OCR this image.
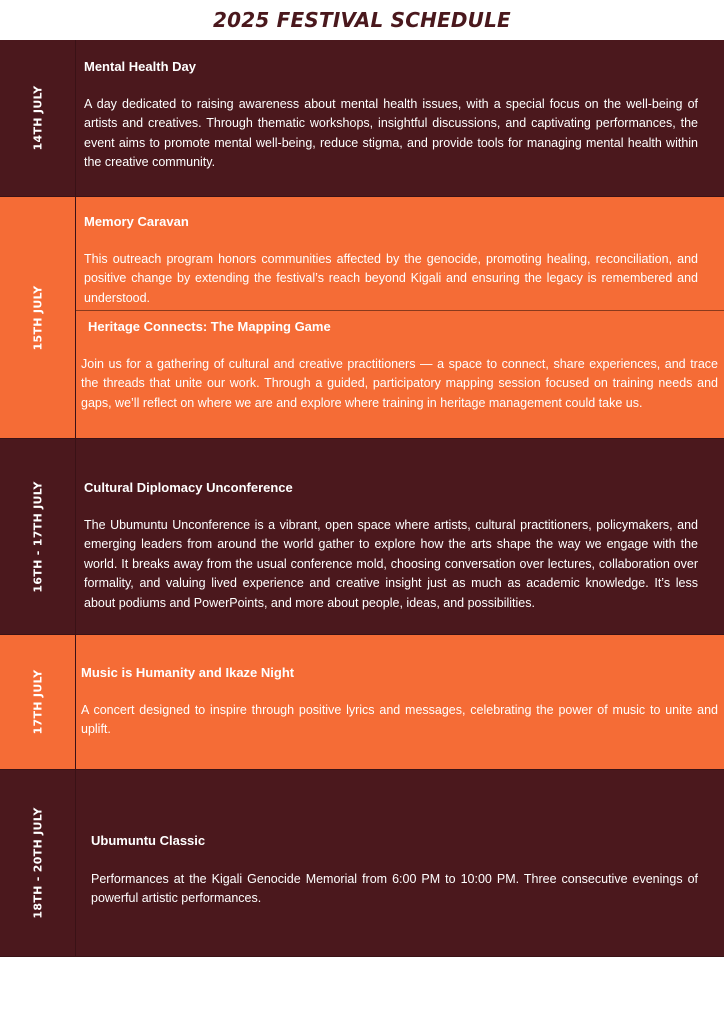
2025 FESTIVAL SCHEDULE
14TH JULY
Mental Health Day
A day dedicated to raising awareness about mental health issues, with a special focus on the well-being of artists and creatives. Through thematic workshops, insightful discussions, and captivating performances, the event aims to promote mental well-being, reduce stigma, and provide tools for managing mental health within the creative community.
15TH JULY
Memory Caravan
This outreach program honors communities affected by the genocide, promoting healing, reconciliation, and positive change by extending the festival’s reach beyond Kigali and ensuring the legacy is remembered and understood.
Heritage Connects: The Mapping Game
Join us for a gathering of cultural and creative practitioners — a space to connect, share experiences, and trace the threads that unite our work. Through a guided, participatory mapping session focused on training needs and gaps, we’ll reflect on where we are and explore where training in heritage management could take us.
16TH - 17TH JULY	Cultural Diplomacy Unconference
The Ubumuntu Unconference is a vibrant, open space where artists, cultural practitioners, policymakers, and emerging leaders from around the world gather to explore how the arts shape the way we engage with the world. It breaks away from the usual conference mold, choosing conversation over lectures, collaboration over formality, and valuing lived experience and creative insight just as much as academic knowledge. It’s less about podiums and PowerPoints, and more about people, ideas, and possibilities.
17TH JULY	Music is Humanity and Ikaze Night
A concert designed to inspire through positive lyrics and messages, celebrating the power of music to unite and uplift.
18TH - 20TH JULY	Ubumuntu Classic
Performances at the Kigali Genocide Memorial from 6:00 PM to 10:00 PM. Three consecutive evenings of powerful artistic performances.
